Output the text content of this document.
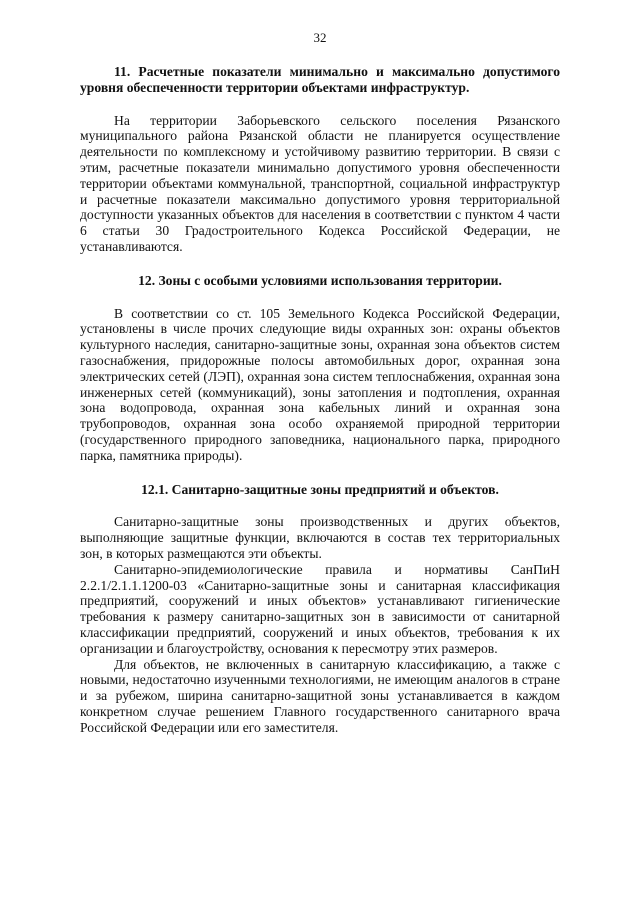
32

11. Расчетные показатели минимально и максимально допустимого уровня обеспеченности территории объектами инфраструктур.

На территории Заборьевского сельского поселения Рязанского муниципального района Рязанской области не планируется осуществление деятельности по комплексному и устойчивому развитию территории. В связи с этим, расчетные показатели минимально допустимого уровня обеспеченности территории объектами коммунальной, транспортной, социальной инфраструктур и расчетные показатели максимально допустимого уровня территориальной доступности указанных объектов для населения в соответствии с пунктом 4 части 6 статьи 30 Градостроительного Кодекса Российской Федерации, не устанавливаются.

12. Зоны с особыми условиями использования территории.

В соответствии со ст. 105 Земельного Кодекса Российской Федерации, установлены в числе прочих следующие виды охранных зон: охраны объектов культурного наследия, санитарно-защитные зоны, охранная зона объектов систем газоснабжения, придорожные полосы автомобильных дорог, охранная зона электрических сетей (ЛЭП), охранная зона систем теплоснабжения, охранная зона инженерных сетей (коммуникаций), зоны затопления и подтопления, охранная зона водопровода, охранная зона кабельных линий и охранная зона трубопроводов, охранная зона особо охраняемой природной территории (государственного природного заповедника, национального парка, природного парка, памятника природы).

12.1. Санитарно-защитные зоны предприятий и объектов.

Санитарно-защитные зоны производственных и других объектов, выполняющие защитные функции, включаются в состав тех территориальных зон, в которых размещаются эти объекты.

Санитарно-эпидемиологические правила и нормативы СанПиН 2.2.1/2.1.1.1200-03 «Санитарно-защитные зоны и санитарная классификация предприятий, сооружений и иных объектов» устанавливают гигиенические требования к размеру санитарно-защитных зон в зависимости от санитарной классификации предприятий, сооружений и иных объектов, требования к их организации и благоустройству, основания к пересмотру этих размеров.

Для объектов, не включенных в санитарную классификацию, а также с новыми, недостаточно изученными технологиями, не имеющим аналогов в стране и за рубежом, ширина санитарно-защитной зоны устанавливается в каждом конкретном случае решением Главного государственного санитарного врача Российской Федерации или его заместителя.
